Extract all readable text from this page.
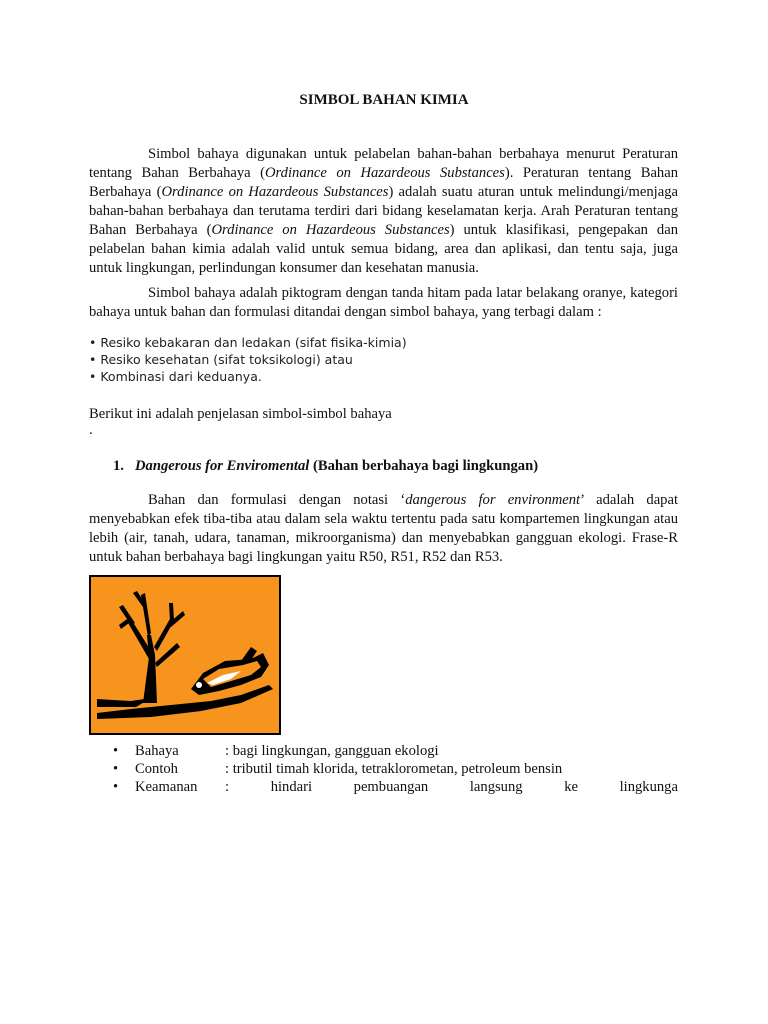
SIMBOL BAHAN KIMIA

Simbol bahaya digunakan untuk pelabelan bahan-bahan berbahaya menurut Peraturan tentang Bahan Berbahaya (Ordinance on Hazardeous Substances). Peraturan tentang Bahan Berbahaya (Ordinance on Hazardeous Substances) adalah suatu aturan untuk melindungi/menjaga bahan-bahan berbahaya dan terutama terdiri dari bidang keselamatan kerja. Arah Peraturan tentang Bahan Berbahaya (Ordinance on Hazardeous Substances) untuk klasifikasi, pengepakan dan pelabelan bahan kimia adalah valid untuk semua bidang, area dan aplikasi, dan tentu saja, juga untuk lingkungan, perlindungan konsumer dan kesehatan manusia.

Simbol bahaya adalah piktogram dengan tanda hitam pada latar belakang oranye, kategori bahaya untuk bahan dan formulasi ditandai dengan simbol bahaya, yang terbagi dalam :

• Resiko kebakaran dan ledakan (sifat fisika-kimia)
• Resiko kesehatan (sifat toksikologi) atau
• Kombinasi dari keduanya.

Berikut ini adalah penjelasan simbol-simbol bahaya

.

1. Dangerous for Enviromental (Bahan berbahaya bagi lingkungan)

Bahan dan formulasi dengan notasi ‘dangerous for environment’ adalah dapat menyebabkan efek tiba-tiba atau dalam sela waktu tertentu pada satu kompartemen lingkungan atau lebih (air, tanah, udara, tanaman, mikroorganisma) dan menyebabkan gangguan ekologi. Frase-R untuk bahan berbahaya bagi lingkungan yaitu R50, R51, R52 dan R53.

• Bahaya	: bagi lingkungan, gangguan ekologi
• Contoh	: tributil timah klorida, tetraklorometan, petroleum bensin
• Keamanan :	hindari	pembuangan	langsung	ke	lingkunga
